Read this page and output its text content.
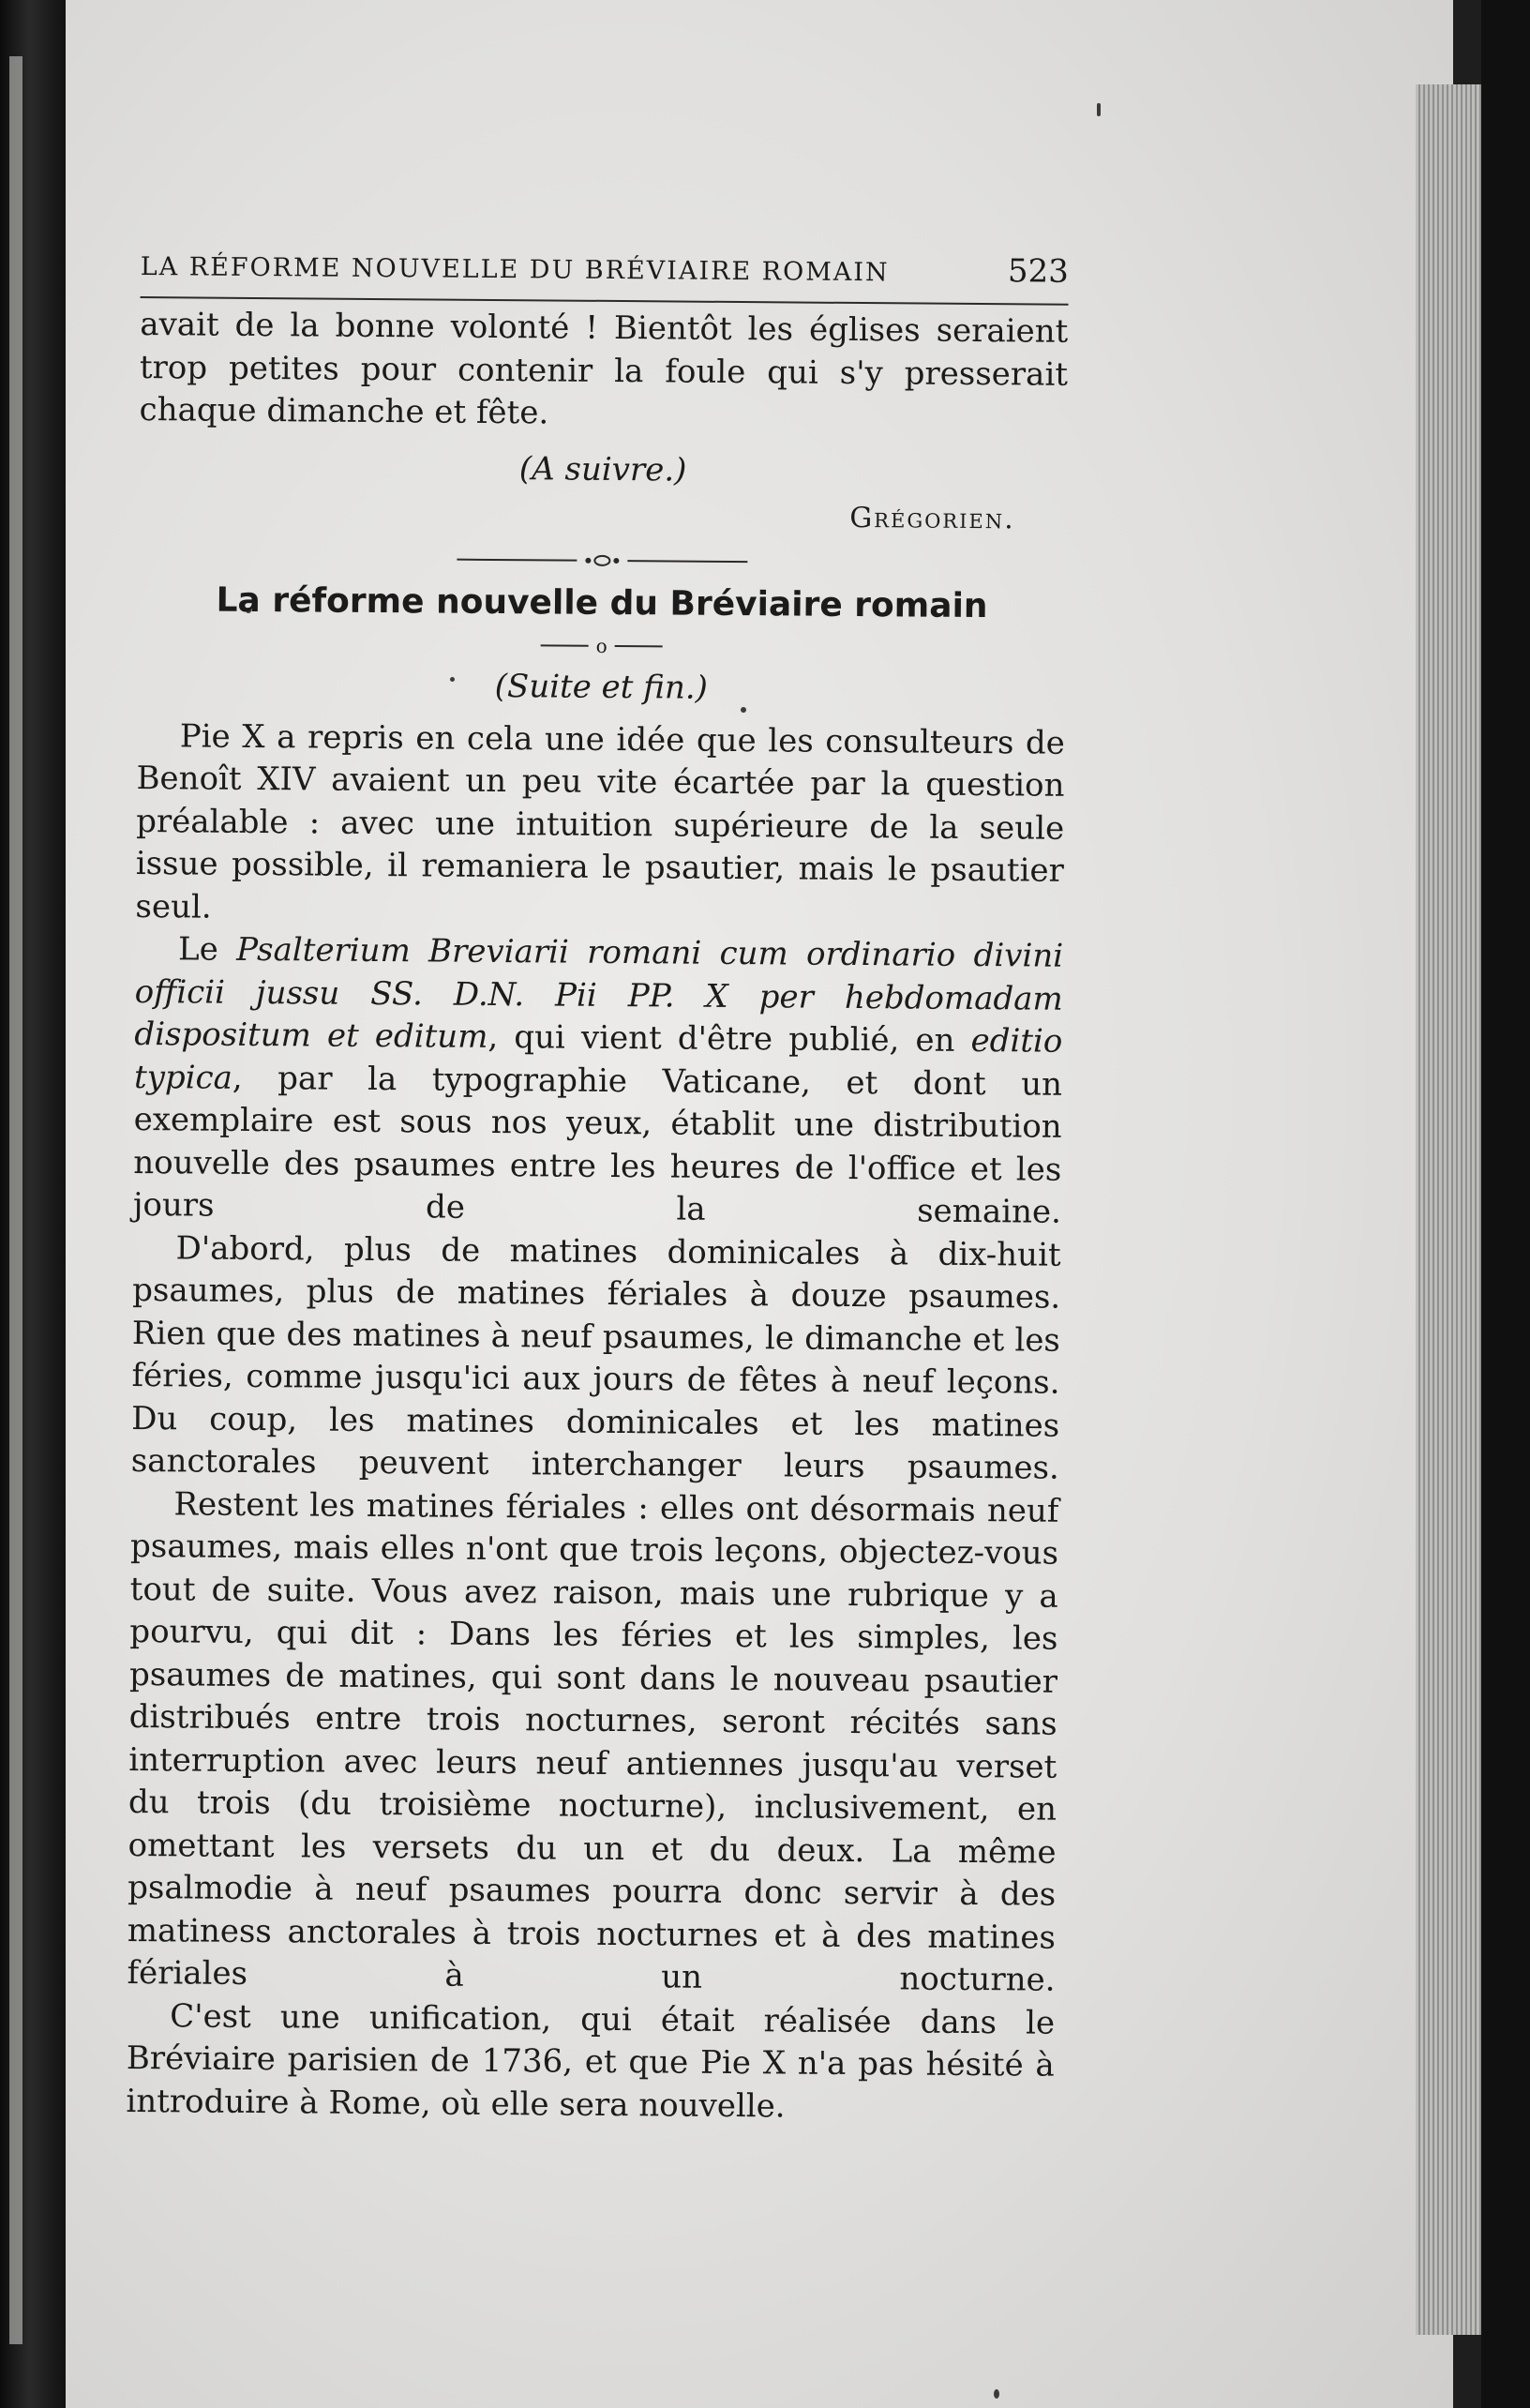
LA RÉFORME NOUVELLE DU BRÉVIAIRE ROMAIN	523

avait de la bonne volonté ! Bientôt les églises seraient trop petites pour contenir la foule qui s'y presserait chaque dimanche et fête.

(A suivre.)

Grégorien.

La réforme nouvelle du Bréviaire romain
o

(Suite et fin.)

Pie X a repris en cela une idée que les consulteurs de Benoît XIV avaient un peu vite écartée par la question préalable : avec une intuition supérieure de la seule issue possible, il remaniera le psautier, mais le psautier seul.

Le Psalterium Breviarii romani cum ordinario divini officii jussu SS. D.N. Pii PP. X per hebdomadam dispositum et editum, qui vient d'être publié, en editio typica, par la typographie Vaticane, et dont un exemplaire est sous nos yeux, établit une distribution nouvelle des psaumes entre les heures de l'office et les jours de la semaine.

D'abord, plus de matines dominicales à dix-huit psaumes, plus de matines fériales à douze psaumes. Rien que des matines à neuf psaumes, le dimanche et les féries, comme jusqu'ici aux jours de fêtes à neuf leçons. Du coup, les matines dominicales et les matines sanctorales peuvent interchanger leurs psaumes.

Restent les matines fériales : elles ont désormais neuf psaumes, mais elles n'ont que trois leçons, objectez-vous tout de suite. Vous avez raison, mais une rubrique y a pourvu, qui dit : Dans les féries et les simples, les psaumes de matines, qui sont dans le nouveau psautier distribués entre trois nocturnes, seront récités sans interruption avec leurs neuf antiennes jusqu'au verset du trois (du troisième nocturne), inclusivement, en omettant les versets du un et du deux. La même psalmodie à neuf psaumes pourra donc servir à des matiness anctorales à trois nocturnes et à des matines fériales à un nocturne.

C'est une unification, qui était réalisée dans le Bréviaire parisien de 1736, et que Pie X n'a pas hésité à introduire à Rome, où elle sera nouvelle.
